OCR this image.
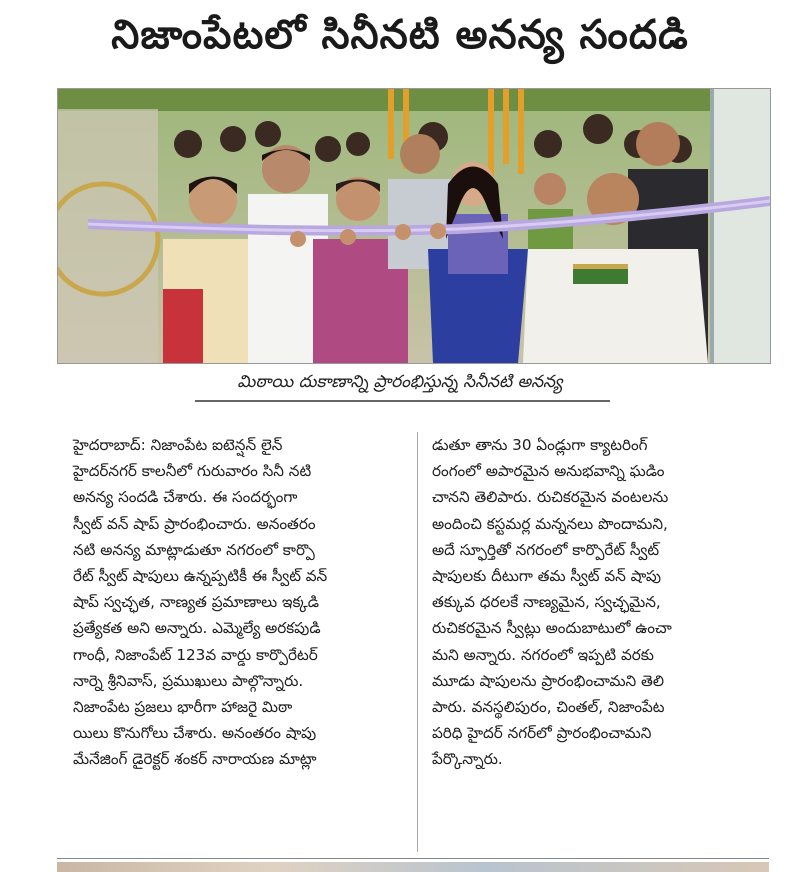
నిజాంపేటలో సినీనటి అనన్య సందడి
మిఠాయి దుకాణాన్ని ప్రారంభిస్తున్న సినీనటి అనన్య

హైదరాబాద్: నిజాంపేట ఐటెన్షన్ లైన్

హైదర్‌నగర్ కాలనీలో గురువారం సినీ నటి

అనన్య సందడి చేశారు. ఈ సందర్భంగా

స్వీట్ వన్ షాప్ ప్రారంభించారు. అనంతరం

నటి అనన్య మాట్లాడుతూ నగరంలో కార్పొ

రేట్ స్వీట్ షాపులు ఉన్నప్పటికీ ఈ స్వీట్ వన్

షాప్ స్వచ్ఛత, నాణ్యత ప్రమాణాలు ఇక్కడి

ప్రత్యేకత అని అన్నారు. ఎమ్మెల్యే అరకపుడి

గాంధీ, నిజాంపేట్ 123వ వార్డు కార్పొరేటర్

నార్నె శ్రీనివాస్, ప్రముఖులు పాల్గొన్నారు.

నిజాంపేట ప్రజలు భారీగా హాజరై మిఠా

యిలు కొనుగోలు చేశారు. అనంతరం షాపు

మేనేజింగ్ డైరెక్టర్ శంకర్ నారాయణ మాట్లా

డుతూ తాను 30 ఏండ్లుగా క్యాటరింగ్

రంగంలో అపారమైన అనుభవాన్ని ఘడిం

చానని తెలిపారు. రుచికరమైన వంటలను

అందించి కస్టమర్ల మన్ననలు పొందామని,

అదే స్ఫూర్తితో నగరంలో కార్పొరేట్ స్వీట్

షాపులకు దీటుగా తమ స్వీట్ వన్ షాపు

తక్కువ ధరలకే నాణ్యమైన, స్వచ్ఛమైన,

రుచికరమైన స్వీట్లు అందుబాటులో ఉంచా

మని అన్నారు. నగరంలో ఇప్పటి వరకు

మూడు షాపులను ప్రారంభించామని తెలి

పారు. వనస్థలిపురం, చింతల్, నిజాంపేట

పరిధి హైదర్ నగర్‌లో ప్రారంభించామని

పేర్కొన్నారు.
